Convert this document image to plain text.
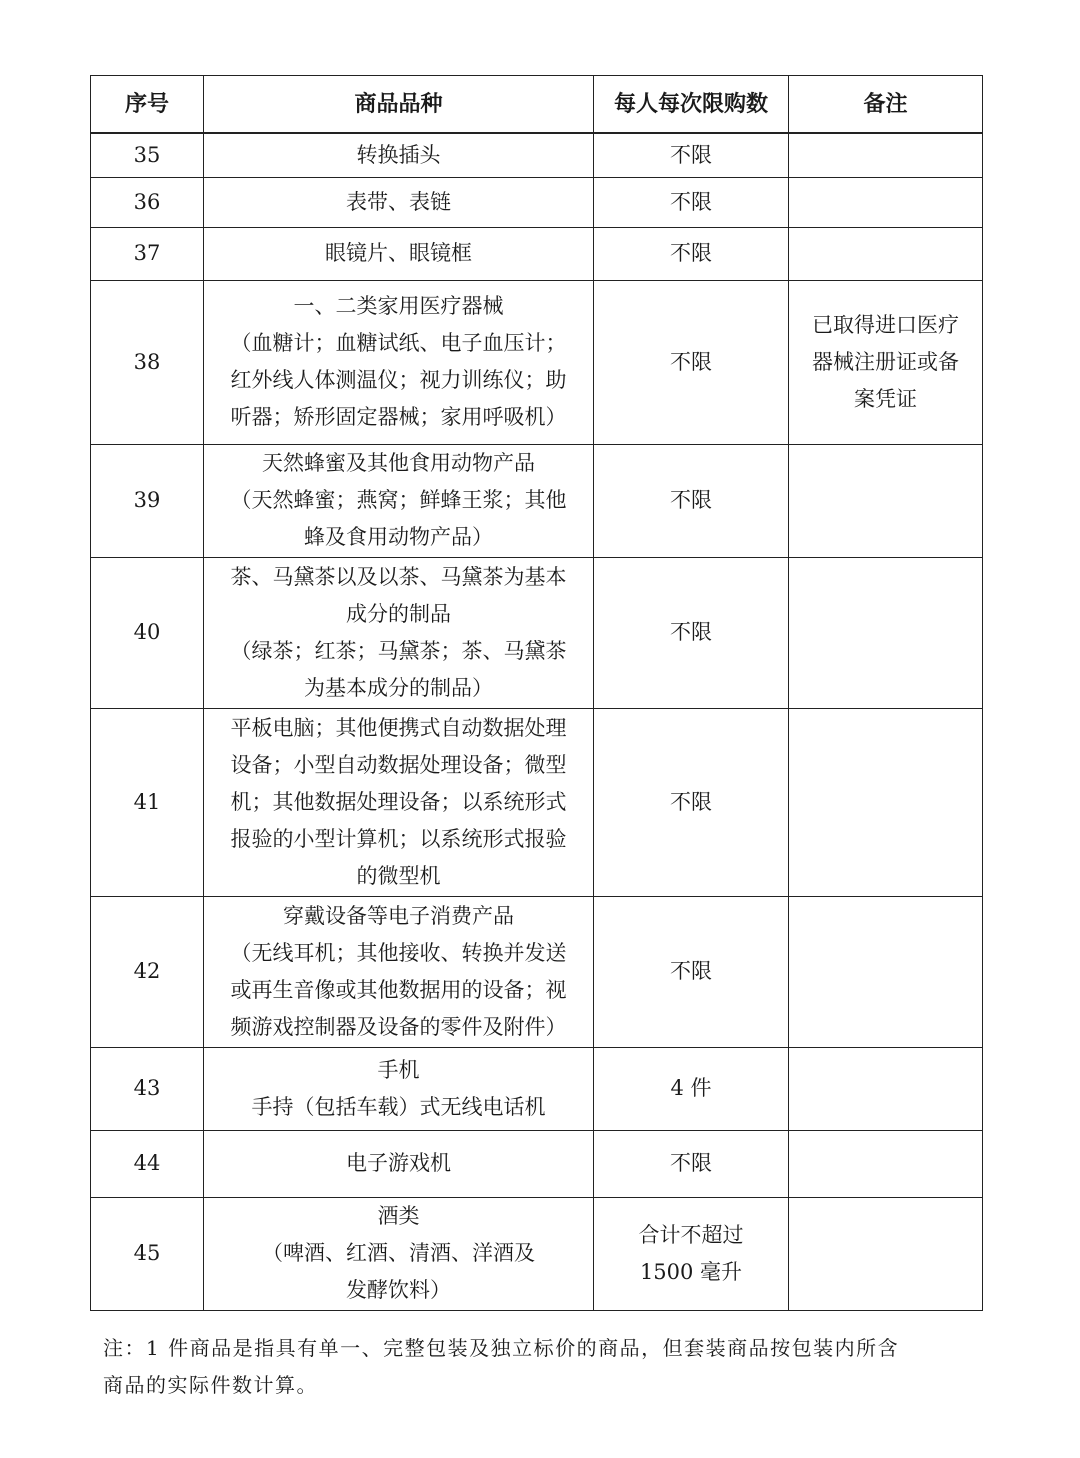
序号	商品品种	每人每次限购数	备注
35	转换插头	不限	

36	表带、表链	不限	

37	眼镜片、眼镜框	不限	

38	一、二类家用医疗器械
（血糖计；血糖试纸、电子血压计；
红外线人体测温仪；视力训练仪；助
听器；矫形固定器械；家用呼吸机）	不限	已取得进口医疗
器械注册证或备
案凭证

39	天然蜂蜜及其他食用动物产品
（天然蜂蜜；燕窝；鲜蜂王浆；其他
蜂及食用动物产品）	不限	

40	茶、马黛茶以及以茶、马黛茶为基本
成分的制品
（绿茶；红茶；马黛茶；茶、马黛茶
为基本成分的制品）	不限	

41	平板电脑；其他便携式自动数据处理
设备；小型自动数据处理设备；微型
机；其他数据处理设备；以系统形式
报验的小型计算机；以系统形式报验
的微型机	不限	

42	穿戴设备等电子消费产品
（无线耳机；其他接收、转换并发送
或再生音像或其他数据用的设备；视
频游戏控制器及设备的零件及附件）	不限	

43	手机
手持（包括车载）式无线电话机	4 件	

44	电子游戏机	不限	

45	酒类
（啤酒、红酒、清酒、洋酒及
发酵饮料）	合计不超过
1500 毫升	

注：1 件商品是指具有单一、完整包装及独立标价的商品，但套装商品按包装内所含
商品的实际件数计算。
